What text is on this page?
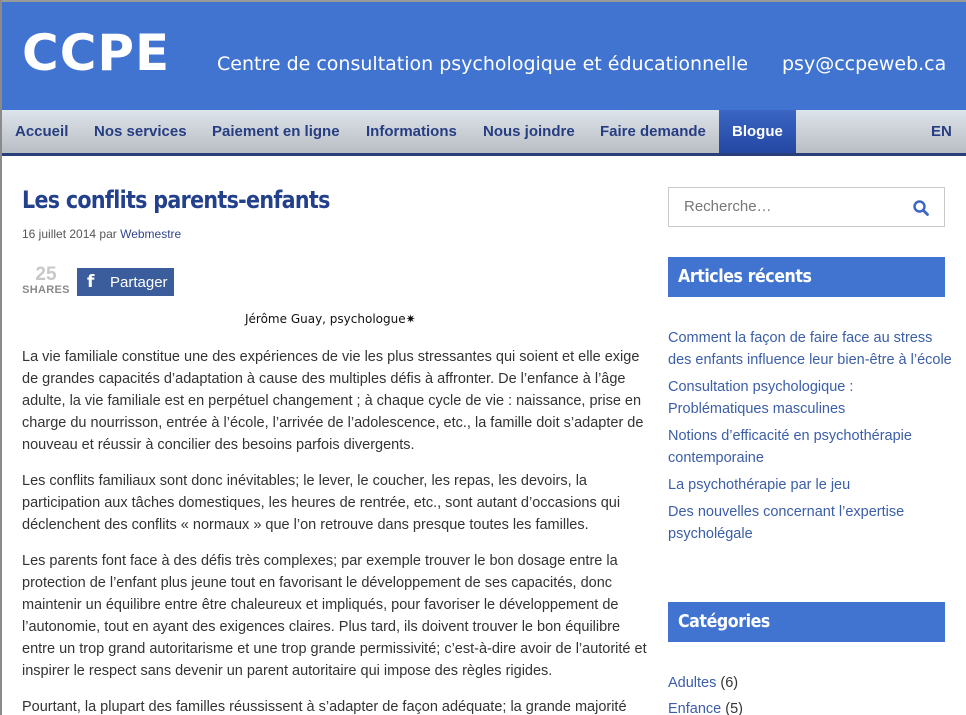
CCPE Centre de consultation psychologique et éducationnelle psy@ccpeweb.ca
Accueil	Nos services	Paiement en ligne	Informations	Nous joindre	Faire demande	Blogue	EN
Les conflits parents-enfants
16 juillet 2014 par Webmestre
25
SHARES f	Partager
Jérôme Guay, psychologue✷

La vie familiale constitue une des expériences de vie les plus stressantes qui soient et elle exige de grandes capacités d’adaptation à cause des multiples défis à affronter. De l’enfance à l’âge adulte, la vie familiale est en perpétuel changement ; à chaque cycle de vie : naissance, prise en charge du nourrisson, entrée à l’école, l’arrivée de l’adolescence, etc., la famille doit s’adapter de nouveau et réussir à concilier des besoins parfois divergents.

Les conflits familiaux sont donc inévitables; le lever, le coucher, les repas, les devoirs, la participation aux tâches domestiques, les heures de rentrée, etc., sont autant d’occasions qui déclenchent des conflits « normaux » que l’on retrouve dans presque toutes les familles.

Les parents font face à des défis très complexes; par exemple trouver le bon dosage entre la protection de l’enfant plus jeune tout en favorisant le développement de ses capacités, donc maintenir un équilibre entre être chaleureux et impliqués, pour favoriser le développement de l’autonomie, tout en ayant des exigences claires. Plus tard, ils doivent trouver le bon équilibre entre un trop grand autoritarisme et une trop grande permissivité; c’est-à-dire avoir de l’autorité et inspirer le respect sans devenir un parent autoritaire qui impose des règles rigides.

Pourtant, la plupart des familles réussissent à s’adapter de façon adéquate; la grande majorité

Recherche…
Articles récents
Comment la façon de faire face au stress des enfants influence leur bien-être à l’école
Consultation psychologique : Problématiques masculines
Notions d’efficacité en psychothérapie contemporaine
La psychothérapie par le jeu
Des nouvelles concernant l’expertise psycholégale
Catégories
Adultes (6)
Enfance (5)
